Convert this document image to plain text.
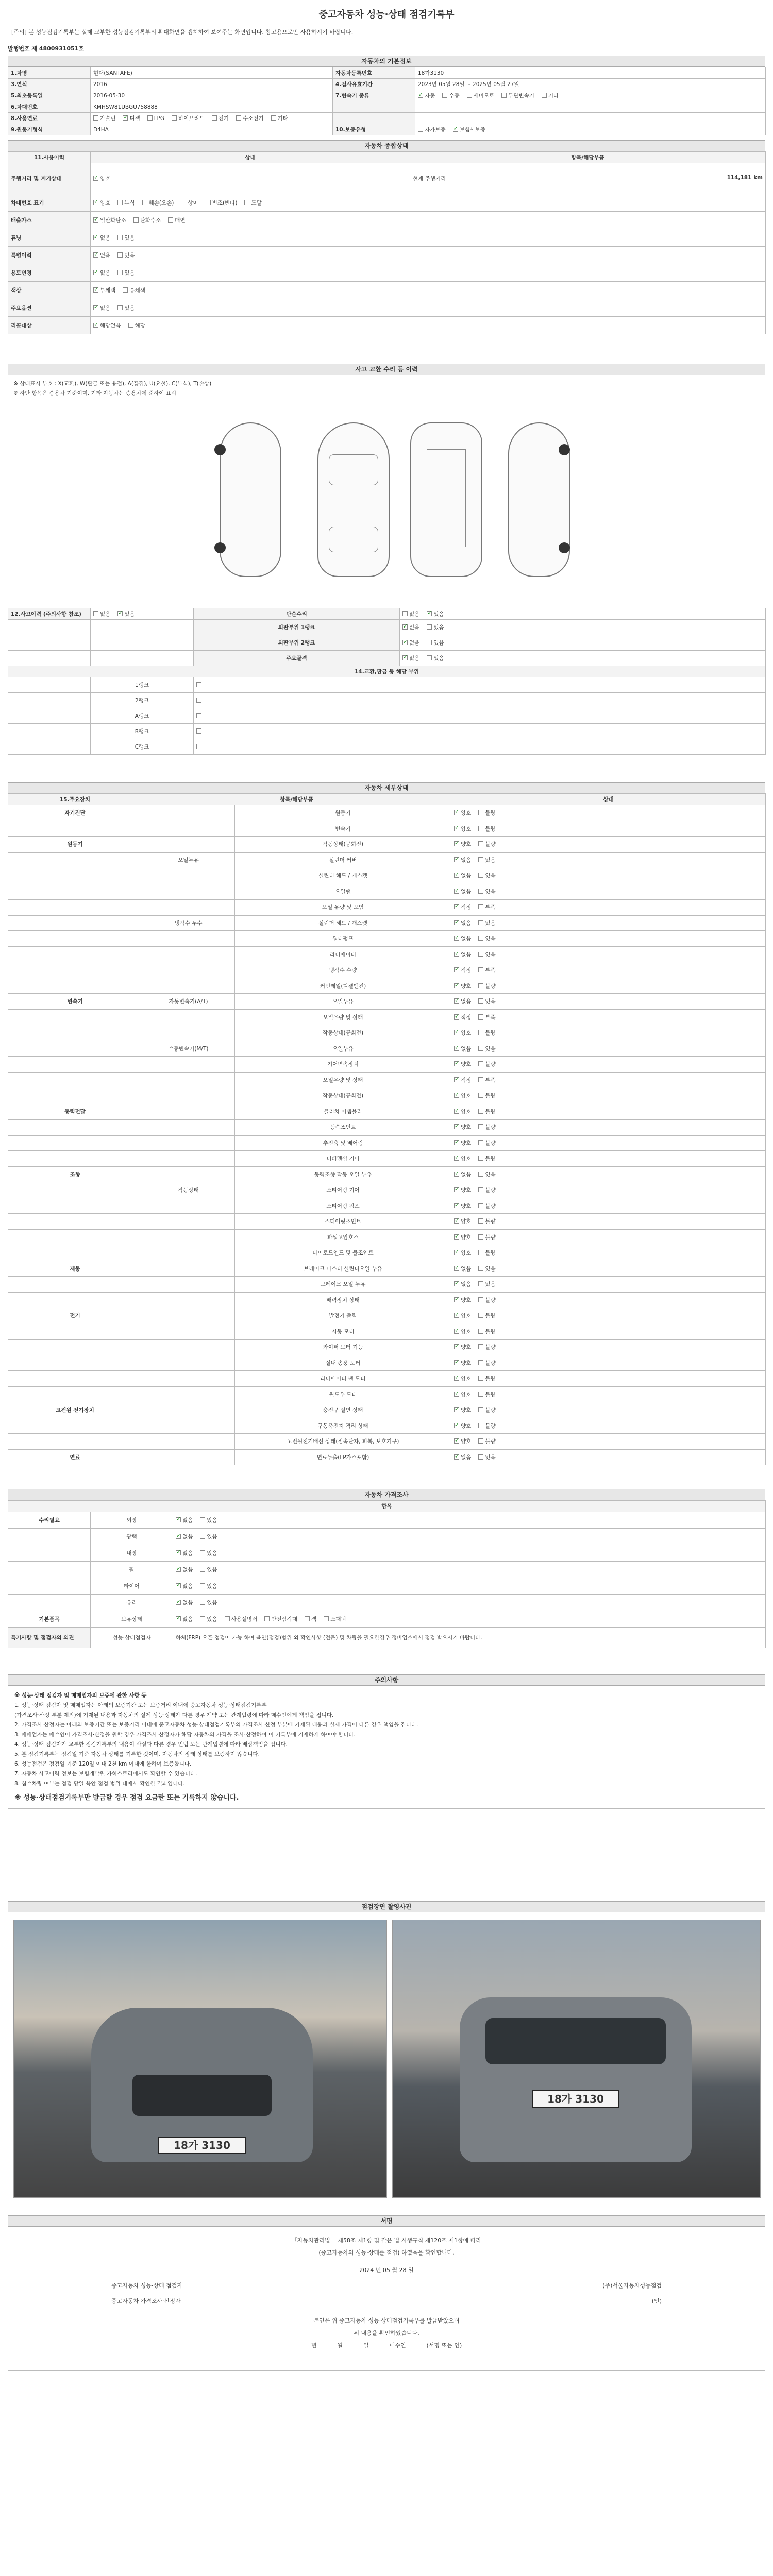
중고자동차 성능·상태 점검기록부
[주의] 본 성능점검기록부는 실제 교부한 성능점검기록부의 확대화면을 캡쳐하여 보여주는 화면입니다. 참고용으로만 사용하시기 바랍니다.
발행번호 제 4800931051호
자동차의 기본정보
1.차명	현대(SANTAFE)	자동차등록번호	18가3130
3.연식	2016	4.검사유효기간	2023년 05월 28일 ~ 2025년 05월 27일
5.최초등록일	2016-05-30	7.변속기 종류	✓자동 수동 세미오토 무단변속기 기타
6.차대번호	KMHSW81UBGU758888		
8.사용연료	가솔린 ✓ 디젤 LPG 하이브리드 전기 수소전기 기타		
9.원동기형식	D4HA	10.보증유형	자가보증 ✓ 보험사보증
자동차 종합상태
11.사용이력	상태	항목/해당부품
주행거리 및 계기상태	✓양호	현재 주행거리 114,181 km

차대번호 표기	✓양호 부식 훼손(오손) 상이 변조(변타) 도말
배출가스	✓일산화탄소 탄화수소 매연
튜닝	✓없음 있음
특별이력	✓없음 있음
용도변경	✓없음 있음
색상	✓무채색 유채색
주요옵션	✓없음 있음
리콜대상	✓해당없음 해당
사고 교환 수리 등 이력
※ 상태표시 부호 : X(교환), W(판금 또는 용접), A(흠집), U(요철), C(부식), T(손상)
※ 하단 항목은 승용차 기준이며, 기타 자동차는 승용차에 준하여 표시
12.사고이력 (주의사항 참조)	없음 ✓ 있음	단순수리	없음 ✓ 있음
		외판부위 1랭크	✓없음 있음
		외판부위 2랭크	✓없음 있음
		주요골격	✓없음 있음
14.교환,판금 등 해당 부위			
	1랭크		
	2랭크		
	A랭크		
	B랭크		
	C랭크		
자동차 세부상태
15.주요장치	항목/해당부품		상태
자기진단		원동기	✓양호 불량
		변속기	✓양호 불량
원동기		작동상태(공회전)	✓양호 불량
	오일누유	실린더 커버	✓없음 있음
		실린더 헤드 / 개스켓	✓없음 있음
		오일팬	✓없음 있음
		오일 유량 및 오염	✓적정 부족
	냉각수 누수	실린더 헤드 / 개스켓	✓없음 있음
		워터펌프	✓없음 있음
		라디에이터	✓없음 있음
		냉각수 수량	✓적정 부족
		커먼레일(디젤엔진)	✓양호 불량
변속기	자동변속기(A/T)	오일누유	✓없음 있음
		오일유량 및 상태	✓적정 부족
		작동상태(공회전)	✓양호 불량
	수동변속기(M/T)	오일누유	✓없음 있음
		기어변속장치	✓양호 불량
		오일유량 및 상태	✓적정 부족
		작동상태(공회전)	✓양호 불량
동력전달		클러치 어셈블리	✓양호 불량
		등속조인트	✓양호 불량
		추진축 및 베어링	✓양호 불량
		디퍼렌셜 기어	✓양호 불량
조향		동력조향 작동 오일 누유	✓없음 있음
	작동상태	스티어링 기어	✓양호 불량
		스티어링 펌프	✓양호 불량
		스티어링조인트	✓양호 불량
		파워고압호스	✓양호 불량
		타이로드엔드 및 볼조인트	✓양호 불량
제동		브레이크 마스터 실린더오일 누유	✓없음 있음
		브레이크 오일 누유	✓없음 있음
		배력장치 상태	✓양호 불량
전기		발전기 출력	✓양호 불량
		시동 모터	✓양호 불량
		와이퍼 모터 기능	✓양호 불량
		실내 송풍 모터	✓양호 불량
		라디에이터 팬 모터	✓양호 불량
		윈도우 모터	✓양호 불량
고전원 전기장치		충전구 절연 상태	✓양호 불량
		구동축전지 격리 상태	✓양호 불량
		고전원전기배선 상태(접속단자, 피복, 보호기구)	✓양호 불량
연료		연료누출(LP가스포함)	✓없음 있음
자동차 가격조사
항목		
수리필요	외장	✓없음 있음
	광택	✓없음 있음
	내장	✓없음 있음
	휠	✓없음 있음
	타이어	✓없음 있음
	유리	✓없음 있음
기본품목	보유상태	✓없음 있음 사용설명서 안전삼각대 잭 스패너
특기사항 및 점검자의 의견	성능·상태점검자	하체(FRP) 오픈 점검이 가능 하여 육안(점검)범위 외 확인사항 (전문) 및 차량을 필요한경우 정비업소에서 점검 받으시기 바랍니다.
주의사항

※ 성능·상태 점검자 및 매매업자의 보증에 관한 사항 등

1. 성능·상태 점검자 및 매매업자는 아래의 보증기간 또는 보증거리 이내에 중고자동차 성능·상태점검기록부

(가격조사·산정 부분 제외)에 기재된 내용과 자동차의 실제 성능·상태가 다른 경우 계약 또는 관계법령에 따라 매수인에게 책임을 집니다.

2. 가격조사·산정자는 아래의 보증기간 또는 보증거리 이내에 중고자동차 성능·상태점검기록부의 가격조사·산정 부분에 기재된 내용과 실제 가격이 다른 경우 책임을 집니다.

3. 매매업자는 매수인이 가격조사·산정을 원할 경우 가격조사·산정자가 해당 자동차의 가격을 조사·산정하여 이 기록부에 기재하게 하여야 합니다.

4. 성능·상태 점검자가 교부한 점검기록부의 내용이 사실과 다른 경우 민법 또는 관계법령에 따라 배상책임을 집니다.

5. 본 점검기록부는 점검일 기준 자동차 상태를 기록한 것이며, 자동차의 장래 상태를 보증하지 않습니다.

6. 성능점검은 점검일 기준 120일 이내 2천 km 이내에 한하여 보증합니다.

7. 자동차 사고이력 정보는 보험개발원 카히스토리에서도 확인할 수 있습니다.

8. 침수차량 여부는 점검 당일 육안 점검 범위 내에서 확인한 결과입니다.

※ 성능·상태점검기록부만 발급할 경우 점검 요금란 또는 기록하지 않습니다.

점검장면 촬영사진
18가 3130
18가 3130
서명
「자동차관리법」 제58조 제1항 및 같은 법 시행규칙 제120조 제1항에 따라
(중고자동차의 성능·상태를 점검) 하였음을 확인합니다.
2024 년 05 월 28 일
중고자동차 성능·상태 점검자	(주)서울자동차성능점검
중고자동차 가격조사·산정자	(인)
본인은 위 중고자동차 성능·상태점검기록부를 발급받았으며
위 내용을 확인하였습니다.
년	월	일	매수인	(서명 또는 인)
